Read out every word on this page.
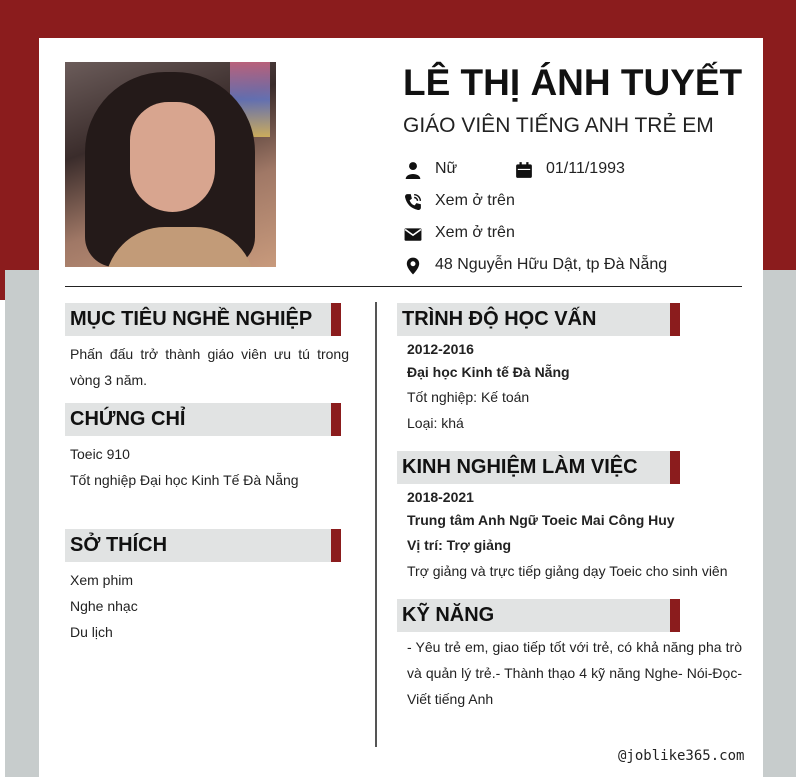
LÊ THỊ ÁNH TUYẾT
GIÁO VIÊN TIẾNG ANH TRẺ EM
Nữ	01/11/1993
Xem ở trên
Xem ở trên
48 Nguyễn Hữu Dật, tp Đà Nẵng
MỤC TIÊU NGHỀ NGHIỆP
Phấn đấu trở thành giáo viên ưu tú trong vòng 3 năm.
CHỨNG CHỈ
Toeic 910
Tốt nghiệp Đại học Kinh Tế Đà Nẵng
SỞ THÍCH
Xem phim
Nghe nhạc
Du lịch
TRÌNH ĐỘ HỌC VẤN
2012-2016
Đại học Kinh tế Đà Nẵng
Tốt nghiệp: Kế toán
Loại: khá
KINH NGHIỆM LÀM VIỆC
2018-2021
Trung tâm Anh Ngữ Toeic Mai Công Huy
Vị trí: Trợ giảng
Trợ giảng và trực tiếp giảng dạy Toeic cho sinh viên
KỸ NĂNG
- Yêu trẻ em, giao tiếp tốt với trẻ, có khả năng pha trò và quản lý trẻ.- Thành thạo 4 kỹ năng Nghe- Nói-Đọc-Viết tiếng Anh
@joblike365.com
